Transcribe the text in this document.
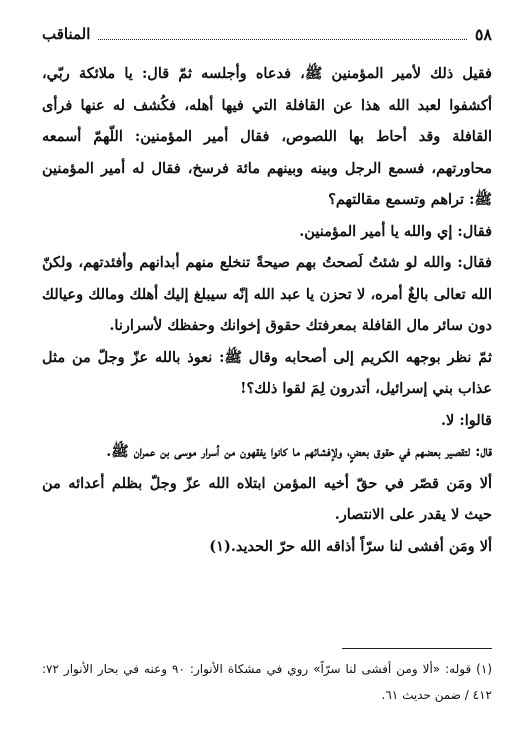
٥٨
المناقب

فقيل ذلك لأمير المؤمنين ﷺ، فدعاه وأجلسه ثمّ قال: يا ملائكة ربّي، أكشفوا لعبد الله هذا عن القافلة التي فيها أهله، فكُشف له عنها فرأى القافلة وقد أحاط بها اللصوص، فقال أمير المؤمنين: اللّهمّ أسمعه محاورتهم، فسمع الرجل وبينه وبينهم مائة فرسخ، فقال له أمير المؤمنين ﷺ: تراهم وتسمع مقالتهم؟

فقال: إي والله يا أمير المؤمنين.

فقال: والله لو شئتُ لَصحتُ بهم صيحةً تنخلع منهم أبدانهم وأفئدتهم، ولكنّ الله تعالى بالغٌ أمره، لا تحزن يا عبد الله إنّه سيبلغ إليك أهلك ومالك وعيالك دون سائر مال القافلة بمعرفتك حقوق إخوانك وحفظك لأسرارنا.

ثمّ نظر بوجهه الكريم إلى أصحابه وقال ﷺ: نعوذ بالله عزّ وجلّ من مثل عذاب بني إسرائيل، أتدرون لِمَ لقوا ذلك؟!

قالوا: لا.

قال: لتقصير بعضهم في حقوق بعضٍ، ولإفشائهم ما كانوا يفقهون من أسرار موسى بن عمران ﷺ.

ألا ومَن قصّر في حقّ أخيه المؤمن ابتلاه الله عزّ وجلّ بظلم أعدائه من حيث لا يقدر على الانتصار.

ألا ومَن أفشى لنا سرّاً أذاقه الله حرّ الحديد.(١)

(١) قوله: «ألا ومن أفشى لنا سرّاً» روي في مشكاة الأنوار: ٩٠ وعنه في بحار الأنوار ٧٢: ٤١٢ / ضمن حديث ٦١.
